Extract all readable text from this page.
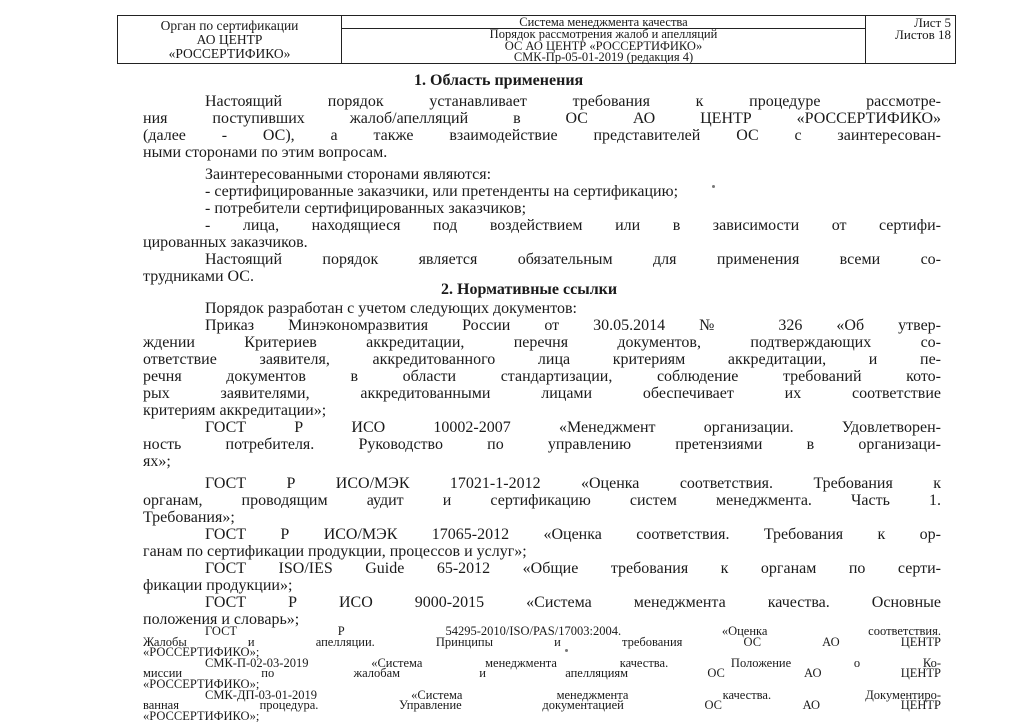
Орган по сертификации
АО ЦЕНТР
«РОССЕРТИФИКО»
Система менеджмента качества
Порядок рассмотрения жалоб и апелляций
ОС АО ЦЕНТР «РОССЕРТИФИКО»
СМК-Пр-05-01-2019 (редакция 4)
Лист 5
Листов 18
1. Область применения
Настоящий порядок устанавливает требования к процедуре рассмотре-
ния поступивших жалоб/апелляций в ОС АО ЦЕНТР «РОССЕРТИФИКО»
(далее - ОС), а также взаимодействие представителей ОС с заинтересован-
ными сторонами по этим вопросам.
Заинтересованными сторонами являются:
- сертифицированные заказчики, или претенденты на сертификацию;
- потребители сертифицированных заказчиков;
- лица, находящиеся под воздействием или в зависимости от сертифи-
цированных заказчиков.
Настоящий порядок является обязательным для применения всеми со-
трудниками ОС.
2. Нормативные ссылки
Порядок разработан с учетом следующих документов:
Приказ Минэкономразвития России от 30.05.2014 № 326 «Об утвер-
ждении Критериев аккредитации, перечня документов, подтверждающих со-
ответствие заявителя, аккредитованного лица критериям аккредитации, и пе-
речня документов в области стандартизации, соблюдение требований кото-
рых заявителями, аккредитованными лицами обеспечивает их соответствие
критериям аккредитации»;
ГОСТ Р ИСО 10002-2007 «Менеджмент организации. Удовлетворен-
ность потребителя. Руководство по управлению претензиями в организаци-
ях»;
ГОСТ Р ИСО/МЭК 17021-1-2012 «Оценка соответствия. Требования к
органам, проводящим аудит и сертификацию систем менеджмента. Часть 1.
Требования»;
ГОСТ Р ИСО/МЭК 17065-2012 «Оценка соответствия. Требования к ор-
ганам по сертификации продукции, процессов и услуг»;
ГОСТ ISO/IES Guide 65-2012 «Общие требования к органам по серти-
фикации продукции»;
ГОСТ Р ИСО 9000-2015 «Система менеджмента качества. Основные
положения и словарь»;
ГОСТ Р 54295-2010/ISO/PAS/17003:2004. «Оценка соответствия.
Жалобы и апелляции. Принципы и требования ОС АО ЦЕНТР
«РОССЕРТИФИКО»;
СМК-П-02-03-2019 «Система менеджмента качества. Положение о Ко-
миссии по жалобам и апелляциям ОС АО ЦЕНТР
«РОССЕРТИФИКО»;
СМК-ДП-03-01-2019 «Система менеджмента качества. Документиро-
ванная процедура. Управление документацией ОС АО ЦЕНТР
«РОССЕРТИФИКО»;
